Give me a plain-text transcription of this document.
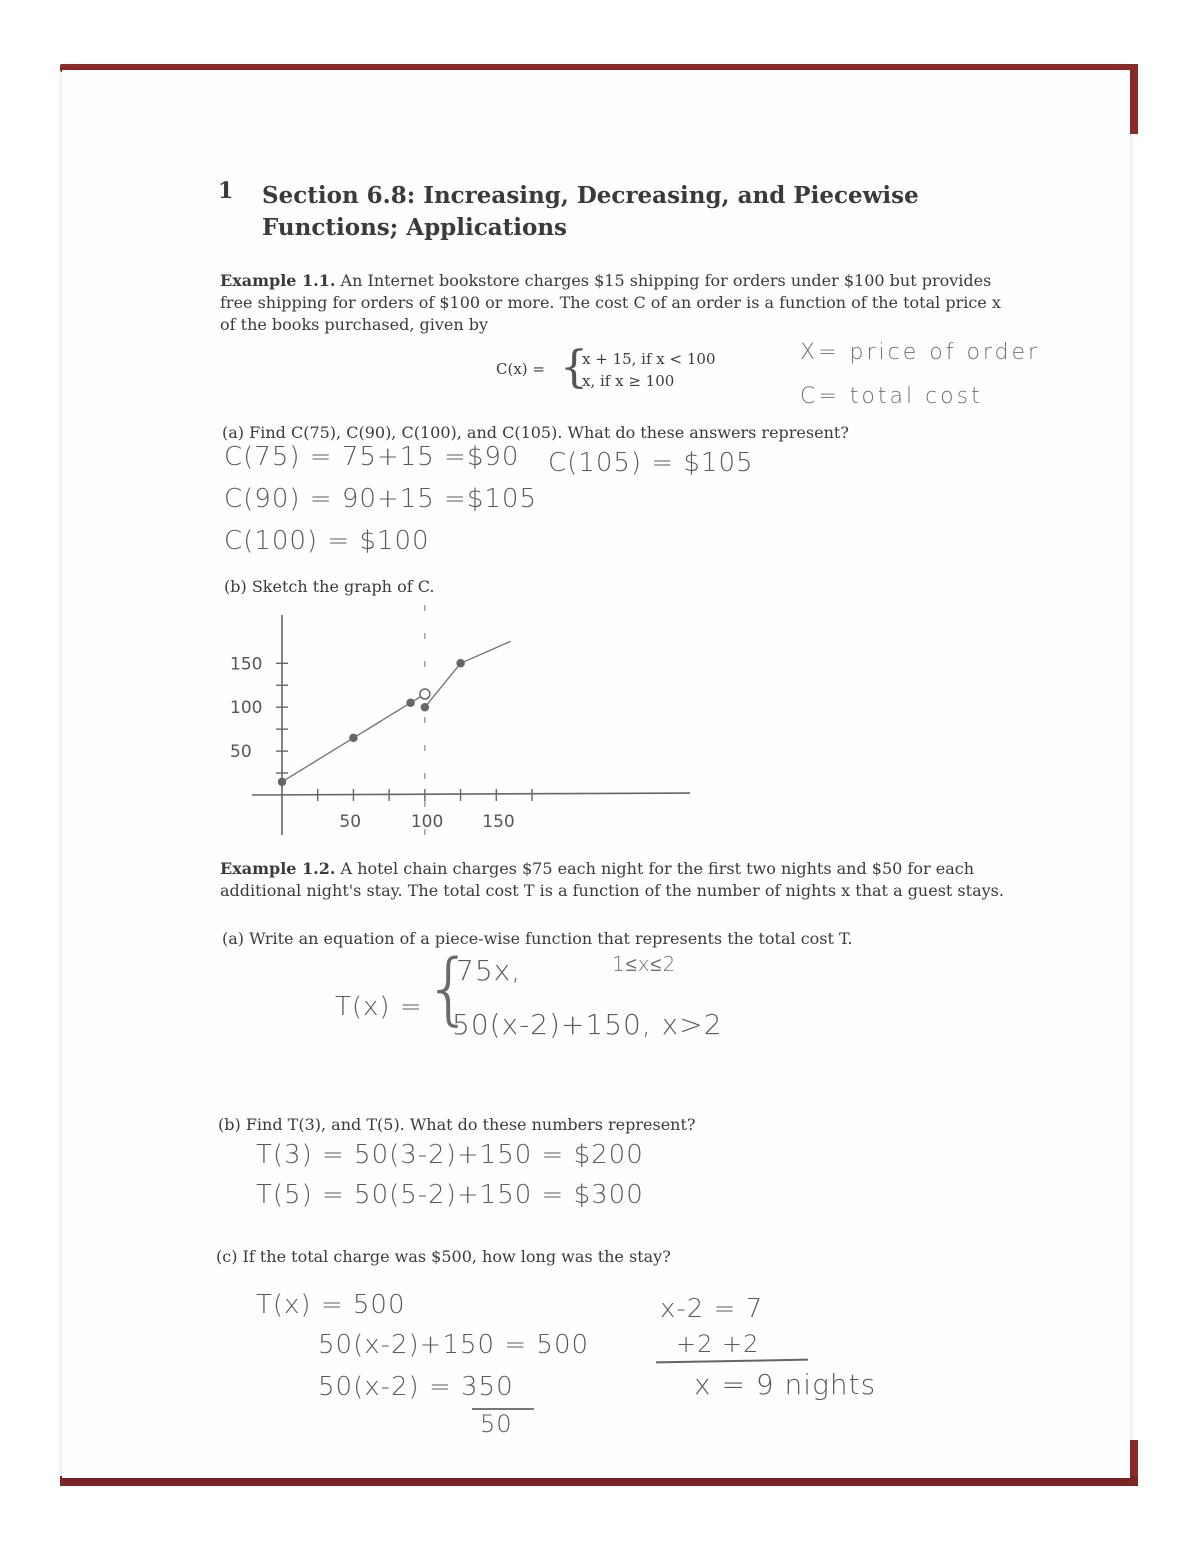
1 Section 6.8: Increasing, Decreasing, and Piecewise Functions; Applications
Example 1.1. An Internet bookstore charges $15 shipping for orders under $100 but provides free shipping for orders of $100 or more. The cost C of an order is a function of the total price x of the books purchased, given by
C(x) = {
x + 15, if x < 100
x, if x ≥ 100
X= price of order
C= total cost
(a) Find C(75), C(90), C(100), and C(105). What do these answers represent?
C(75) = 75+15 =$90 C(105) = $105
C(90) = 90+15 =$105
C(100) = $100
(b) Sketch the graph of C.
150
100
50
50	100 150
Example 1.2. A hotel chain charges $75 each night for the first two nights and $50 for each additional night's stay. The total cost T is a function of the number of nights x that a guest stays.
(a) Write an equation of a piece-wise function that represents the total cost T.
T(x) = {
75x,	1≤x≤2
50(x-2)+150, x>2
(b) Find T(3), and T(5). What do these numbers represent?
T(3) = 50(3-2)+150 = $200
T(5) = 50(5-2)+150 = $300
(c) If the total charge was $500, how long was the stay?
T(x) = 500
50(x-2)+150 = 500
50(x-2) = 350
50
x-2 = 7
+2 +2
x = 9 nights
